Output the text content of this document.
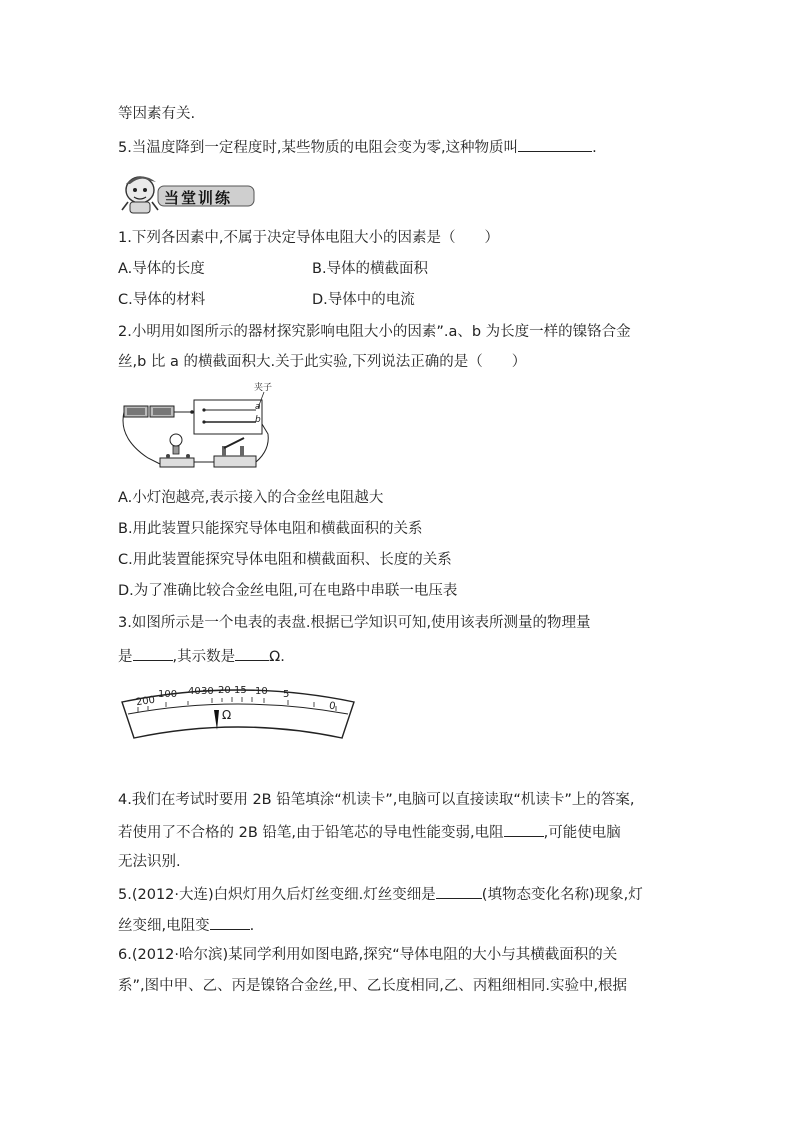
等因素有关.
5.当温度降到一定程度时,某些物质的电阻会变为零,这种物质叫	.
当堂训练
1.下列各因素中,不属于决定导体电阻大小的因素是（　　）
A.导体的长度	B.导体的横截面积
C.导体的材料	D.导体中的电流
2.小明用如图所示的器材探究影响电阻大小的因素”.a、b 为长度一样的镍铬合金
丝,b 比 a 的横截面积大.关于此实验,下列说法正确的是（　　）
夹子
a
b
A.小灯泡越亮,表示接入的合金丝电阻越大
B.用此装置只能探究导体电阻和横截面积的关系
C.用此装置能探究导体电阻和横截面积、长度的关系
D.为了准确比较合金丝电阻,可在电路中串联一电压表
3.如图所示是一个电表的表盘.根据已学知识可知,使用该表所测量的物理量
是	,其示数是 Ω.
200
100 40 30 20 15 10 5
0
Ω
4.我们在考试时要用 2B 铅笔填涂“机读卡”,电脑可以直接读取“机读卡”上的答案,
若使用了不合格的 2B 铅笔,由于铅笔芯的导电性能变弱,电阻	,可能使电脑
无法识别.
5.(2012·大连)白炽灯用久后灯丝变细.灯丝变细是	(填物态变化名称)现象,灯
丝变细,电阻变	.
6.(2012·哈尔滨)某同学利用如图电路,探究“导体电阻的大小与其横截面积的关
系”,图中甲、乙、丙是镍铬合金丝,甲、乙长度相同,乙、丙粗细相同.实验中,根据
